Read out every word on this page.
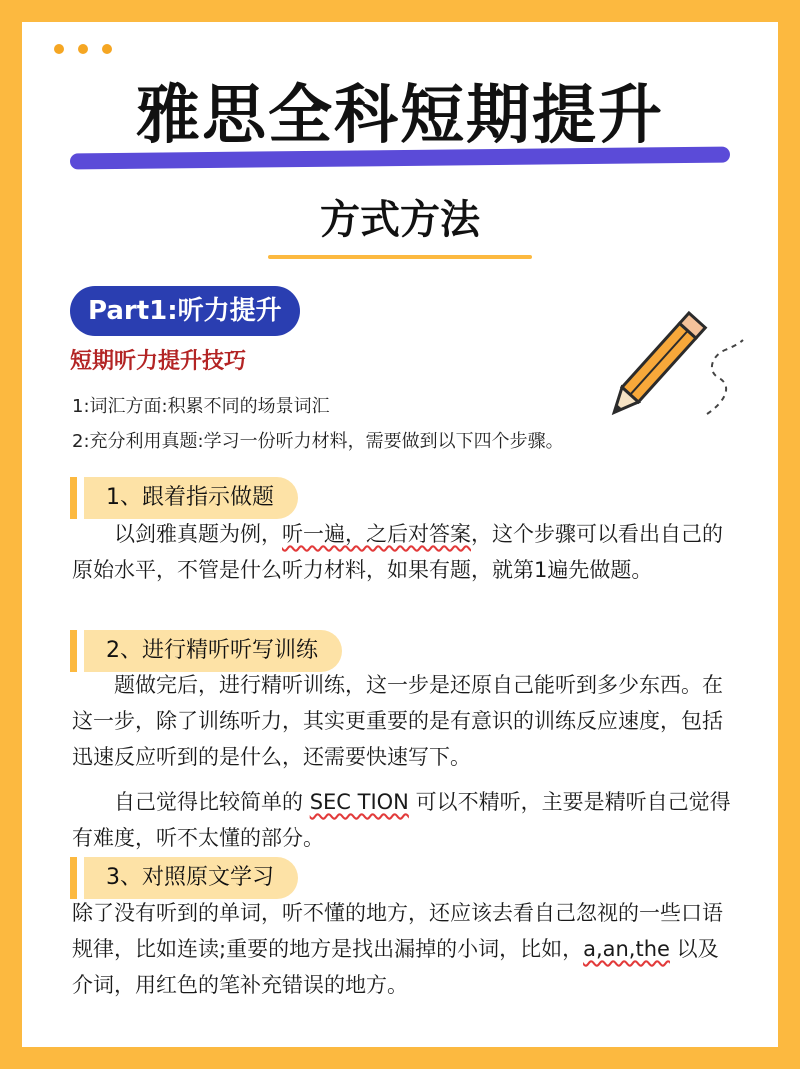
雅思全科短期提升
方式方法
Part1:听力提升
短期听力提升技巧
1:词汇方面:积累不同的场景词汇
2:充分利用真题:学习一份听力材料，需要做到以下四个步骤。
1、跟着指示做题
以剑雅真题为例，听一遍，之后对答案，这个步骤可以看出自己的原始水平，不管是什么听力材料，如果有题，就第1遍先做题。
2、进行精听听写训练
题做完后，进行精听训练，这一步是还原自己能听到多少东西。在这一步，除了训练听力，其实更重要的是有意识的训练反应速度，包括迅速反应听到的是什么，还需要快速写下。
自己觉得比较简单的 SEC TION 可以不精听，主要是精听自己觉得有难度，听不太懂的部分。
3、对照原文学习
除了没有听到的单词，听不懂的地方，还应该去看自己忽视的一些口语规律，比如连读;重要的地方是找出漏掉的小词，比如，a,an,the 以及介词，用红色的笔补充错误的地方。
